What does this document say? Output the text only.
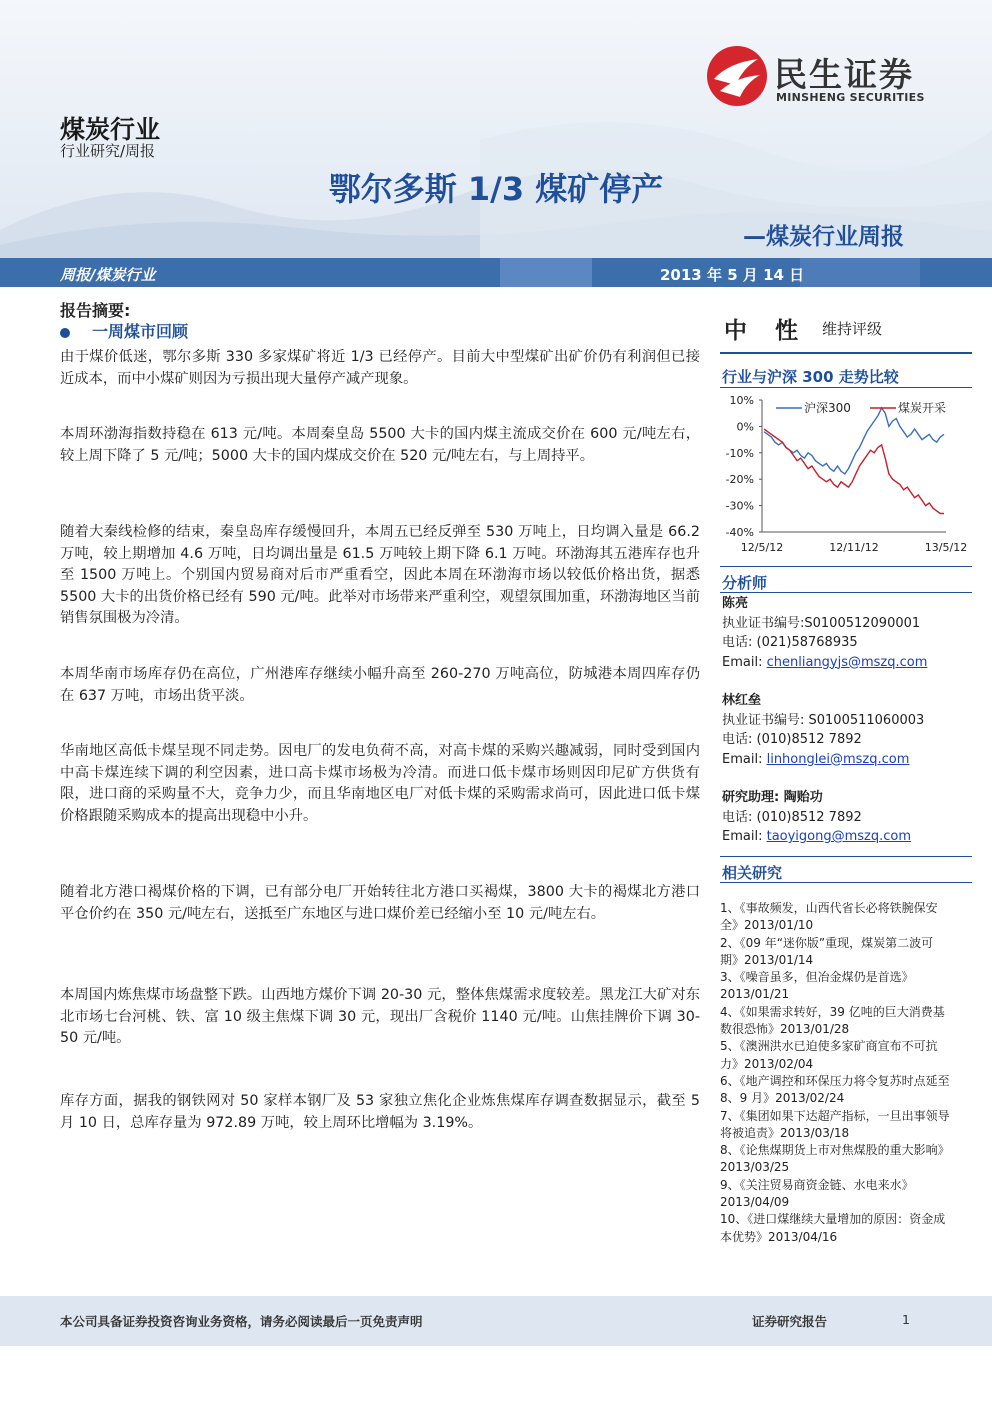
民生证券
MINSHENG SECURITIES
煤炭行业
行业研究/周报
鄂尔多斯 1/3 煤矿停产
—煤炭行业周报
周报/煤炭行业	2013 年 5 月 14 日
报告摘要:
一周煤市回顾
由于煤价低迷，鄂尔多斯 330 多家煤矿将近 1/3 已经停产。目前大中型煤矿出矿价仍有利润但已接近成本，而中小煤矿则因为亏损出现大量停产减产现象。
本周环渤海指数持稳在 613 元/吨。本周秦皇岛 5500 大卡的国内煤主流成交价在 600 元/吨左右，较上周下降了 5 元/吨；5000 大卡的国内煤成交价在 520 元/吨左右，与上周持平。
随着大秦线检修的结束，秦皇岛库存缓慢回升，本周五已经反弹至 530 万吨上，日均调入量是 66.2 万吨，较上期增加 4.6 万吨，日均调出量是 61.5 万吨较上期下降 6.1 万吨。环渤海其五港库存也升至 1500 万吨上。个别国内贸易商对后市严重看空，因此本周在环渤海市场以较低价格出货，据悉 5500 大卡的出货价格已经有 590 元/吨。此举对市场带来严重利空，观望氛围加重，环渤海地区当前销售氛围极为冷清。
本周华南市场库存仍在高位，广州港库存继续小幅升高至 260-270 万吨高位，防城港本周四库存仍在 637 万吨，市场出货平淡。
华南地区高低卡煤呈现不同走势。因电厂的发电负荷不高，对高卡煤的采购兴趣减弱，同时受到国内中高卡煤连续下调的利空因素，进口高卡煤市场极为冷清。而进口低卡煤市场则因印尼矿方供货有限，进口商的采购量不大，竞争力少，而且华南地区电厂对低卡煤的采购需求尚可，因此进口低卡煤价格跟随采购成本的提高出现稳中小升。
随着北方港口褐煤价格的下调，已有部分电厂开始转往北方港口买褐煤，3800 大卡的褐煤北方港口平仓价约在 350 元/吨左右，送抵至广东地区与进口煤价差已经缩小至 10 元/吨左右。
本周国内炼焦煤市场盘整下跌。山西地方煤价下调 20-30 元，整体焦煤需求度较差。黑龙江大矿对东北市场七台河桃、铁、富 10 级主焦煤下调 30 元，现出厂含税价 1140 元/吨。山焦挂牌价下调 30-50 元/吨。
库存方面，据我的钢铁网对 50 家样本钢厂及 53 家独立焦化企业炼焦煤库存调查数据显示，截至 5 月 10 日，总库存量为 972.89 万吨，较上周环比增幅为 3.19%。
中 性 维持评级
行业与沪深 300 走势比较
10%
0%
-10%
-20%
-30%
-40%
12/5/12	12/11/12	13/5/12
沪深300	煤炭开采
分析师
陈亮
执业证书编号:S0100512090001
电话: (021)58768935
Email: chenliangyjs@mszq.com
林红垒
执业证书编号: S0100511060003
电话: (010)8512 7892
Email: linhonglei@mszq.com
研究助理: 陶贻功
电话: (010)8512 7892
Email: taoyigong@mszq.com
相关研究
1、《事故频发，山西代省长必将铁腕保安全》2013/01/10
2、《09 年“迷你版”重现，煤炭第二波可期》2013/01/14
3、《噪音虽多，但冶金煤仍是首选》2013/01/21
4、《如果需求转好，39 亿吨的巨大消费基数很恐怖》2013/01/28
5、《澳洲洪水已迫使多家矿商宣布不可抗力》2013/02/04
6、《地产调控和环保压力将令复苏时点延至 8、9 月》2013/02/24
7、《集团如果下达超产指标，一旦出事领导将被追责》2013/03/18
8、《论焦煤期货上市对焦煤股的重大影响》2013/03/25
9、《关注贸易商资金链、水电来水》2013/04/09
10、《进口煤继续大量增加的原因：资金成本优势》2013/04/16
本公司具备证券投资咨询业务资格，请务必阅读最后一页免责声明	证券研究报告	1
